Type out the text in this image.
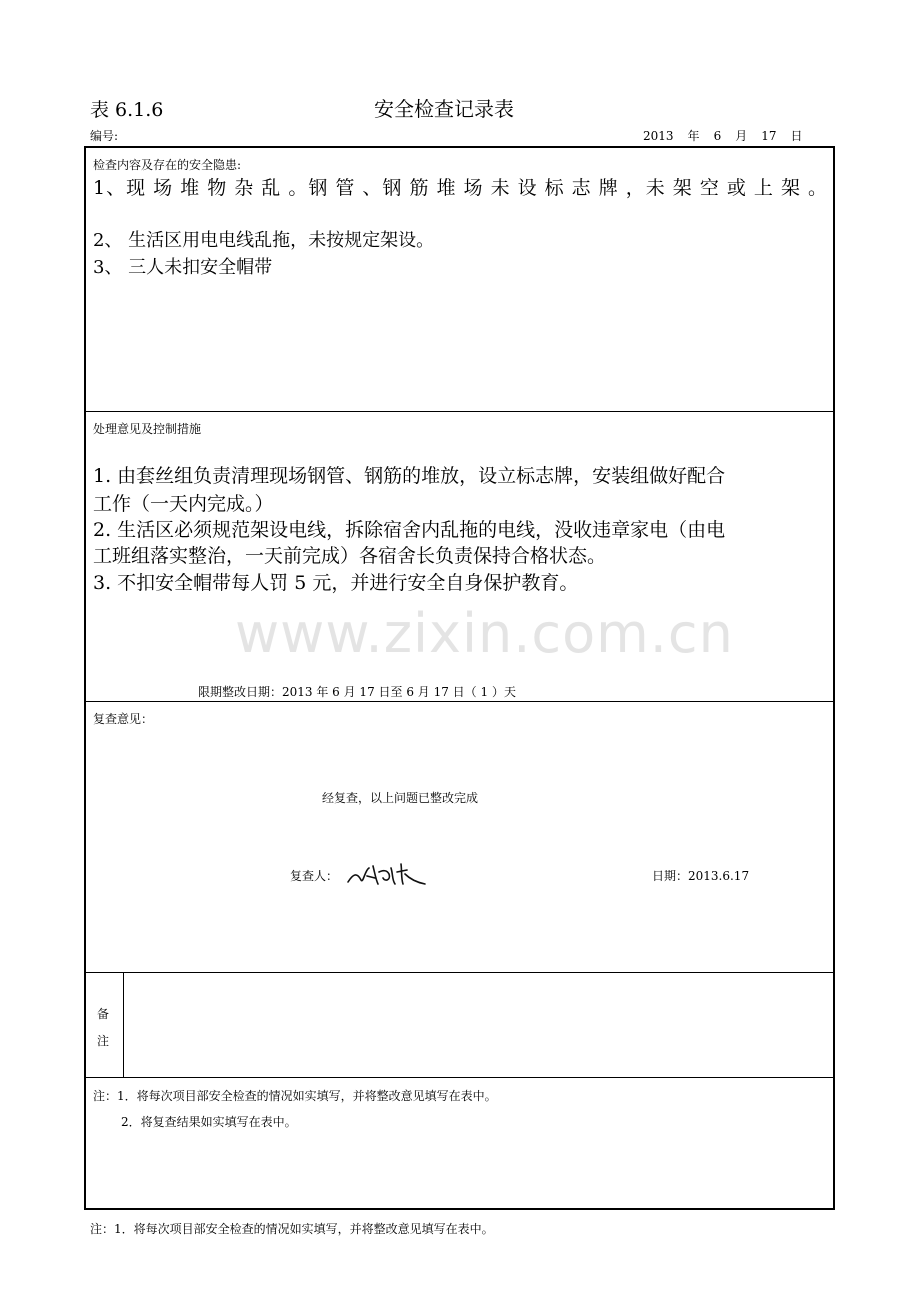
表 6.1.6	安全检查记录表
编号:	2013 年 6 月 17 日
检查内容及存在的安全隐患:
1、现 场 堆 物 杂 乱 。钢 管 、钢 筋 堆 场 未 设 标 志 牌 ，未 架 空 或 上 架 。
2、 生活区用电电线乱拖，未按规定架设。
3、 三人未扣安全帽带
处理意见及控制措施
1. 由套丝组负责清理现场钢管、钢筋的堆放，设立标志牌，安装组做好配合
工作（一天内完成。）
2. 生活区必须规范架设电线，拆除宿舍内乱拖的电线，没收违章家电（由电
工班组落实整治，一天前完成）各宿舍长负责保持合格状态。
3. 不扣安全帽带每人罚 5 元，并进行安全自身保护教育。
www.zixin.com.cn
限期整改日期：2013 年 6 月 17 日至 6 月 17 日（ 1 ）天
复查意见：
经复查，以上问题已整改完成
复查人：	日期：2013.6.17
备
注
注：1．将每次项目部安全检查的情况如实填写，并将整改意见填写在表中。
2．将复查结果如实填写在表中。
注：1．将每次项目部安全检查的情况如实填写，并将整改意见填写在表中。
